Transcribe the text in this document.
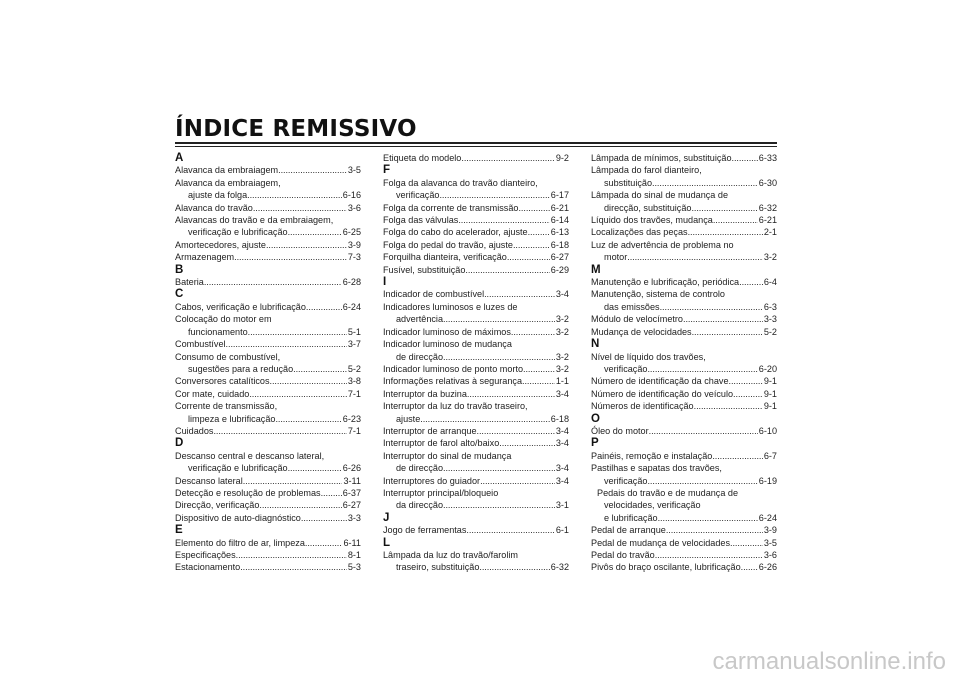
ÍNDICE REMISSIVO
A
Alavanca da embraiagem . . .	3-5
Alavanca da embraiagem,
ajuste da folga . . .	6-16
Alavanca do travão . . .	3-6
Alavancas do travão e da embraiagem,
verificação e lubrificação . . .	6-25
Amortecedores, ajuste . . .	3-9
Armazenagem . . .	7-3
B
Bateria . . .	6-28
C
Cabos, verificação e lubrificação . . .	6-24
Colocação do motor em
funcionamento . . .	5-1
Combustível . . .	3-7
Consumo de combustível,
sugestões para a redução . . .	5-2
Conversores catalíticos . . .	3-8
Cor mate, cuidado . . .	7-1
Corrente de transmissão,
limpeza e lubrificação . . .	6-23
Cuidados . . .	7-1
D
Descanso central e descanso lateral,
verificação e lubrificação . . .	6-26
Descanso lateral . . .	3-11
Detecção e resolução de problemas . . . 6-37
Direcção, verificação . . .	6-27
Dispositivo de auto-diagnóstico . . .	3-3
E
Elemento do filtro de ar, limpeza . . .	6-11
Especificações . . .	8-1
Estacionamento . . .	5-3
Etiqueta do modelo . . .	9-2
F
Folga da alavanca do travão dianteiro,
verificação . . .	6-17
Folga da corrente de transmissão . . .	6-21
Folga das válvulas . . .	6-14
Folga do cabo do acelerador, ajuste . . .	6-13
Folga do pedal do travão, ajuste . . .	6-18
Forquilha dianteira, verificação . . .	6-27
Fusível, substituição . . .	6-29
I
Indicador de combustível . . .	3-4
Indicadores luminosos e luzes de
advertência . . .	3-2
Indicador luminoso de máximos . . .	3-2
Indicador luminoso de mudança
de direcção . . .	3-2
Indicador luminoso de ponto morto . . .	3-2
Informações relativas à segurança . . .	1-1
Interruptor da buzina . . .	3-4
Interruptor da luz do travão traseiro,
ajuste . . .	6-18
Interruptor de arranque . . .	3-4
Interruptor de farol alto/baixo . . .	3-4
Interruptor do sinal de mudança
de direcção . . .	3-4
Interruptores do guiador . . .	3-4
Interruptor principal/bloqueio
da direcção . . .	3-1
J
Jogo de ferramentas . . .	6-1
L
Lâmpada da luz do travão/farolim
traseiro, substituição . . .	6-32
Lâmpada de mínimos, substituição . . .	6-33
Lâmpada do farol dianteiro,
substituição . . .	6-30
Lâmpada do sinal de mudança de
direcção, substituição . . .	6-32
Líquido dos travões, mudança . . .	6-21
Localizações das peças . . .	2-1
Luz de advertência de problema no
motor . . .	3-2
M
Manutenção e lubrificação, periódica . . .	6-4
Manutenção, sistema de controlo
das emissões . . .	6-3
Módulo de velocímetro . . .	3-3
Mudança de velocidades . . .	5-2
N
Nível de líquido dos travões,
verificação . . .	6-20
Número de identificação da chave . . .	9-1
Número de identificação do veículo . . .	9-1
Números de identificação . . .	9-1
O
Óleo do motor . . .	6-10
P
Painéis, remoção e instalação . . .	6-7
Pastilhas e sapatas dos travões,
verificação . . .	6-19
Pedais do travão e de mudança de
velocidades, verificação
e lubrificação . . .	6-24
Pedal de arranque . . .	3-9
Pedal de mudança de velocidades . . .	3-5
Pedal do travão . . .	3-6
Pivôs do braço oscilante, lubrificação . . . 6-26
carmanualsonline.info
